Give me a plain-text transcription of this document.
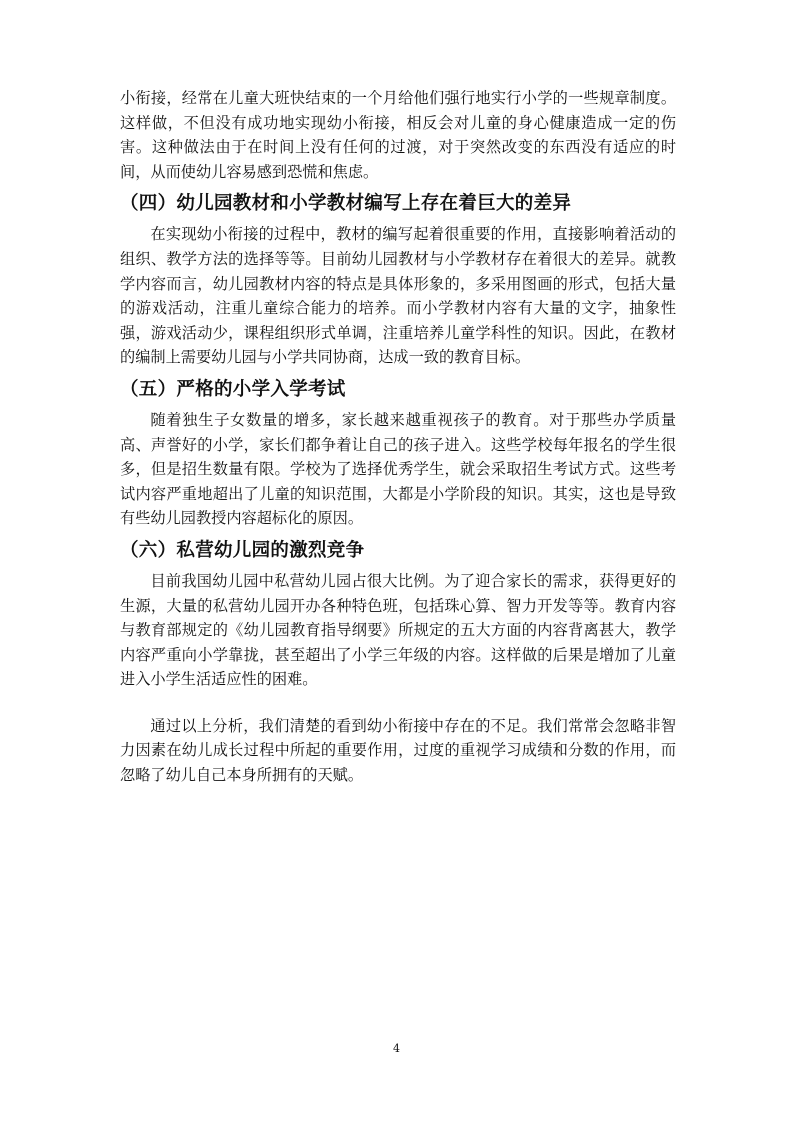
小衔接，经常在儿童大班快结束的一个月给他们强行地实行小学的一些规章制度。这样做，不但没有成功地实现幼小衔接，相反会对儿童的身心健康造成一定的伤害。这种做法由于在时间上没有任何的过渡，对于突然改变的东西没有适应的时间，从而使幼儿容易感到恐慌和焦虑。

（四）幼儿园教材和小学教材编写上存在着巨大的差异

在实现幼小衔接的过程中，教材的编写起着很重要的作用，直接影响着活动的组织、教学方法的选择等等。目前幼儿园教材与小学教材存在着很大的差异。就教学内容而言，幼儿园教材内容的特点是具体形象的，多采用图画的形式，包括大量的游戏活动，注重儿童综合能力的培养。而小学教材内容有大量的文字，抽象性强，游戏活动少，课程组织形式单调，注重培养儿童学科性的知识。因此，在教材的编制上需要幼儿园与小学共同协商，达成一致的教育目标。

（五）严格的小学入学考试

随着独生子女数量的增多，家长越来越重视孩子的教育。对于那些办学质量高、声誉好的小学，家长们都争着让自己的孩子进入。这些学校每年报名的学生很多，但是招生数量有限。学校为了选择优秀学生，就会采取招生考试方式。这些考试内容严重地超出了儿童的知识范围，大都是小学阶段的知识。其实，这也是导致有些幼儿园教授内容超标化的原因。

（六）私营幼儿园的激烈竞争

目前我国幼儿园中私营幼儿园占很大比例。为了迎合家长的需求，获得更好的生源，大量的私营幼儿园开办各种特色班，包括珠心算、智力开发等等。教育内容与教育部规定的《幼儿园教育指导纲要》所规定的五大方面的内容背离甚大，教学内容严重向小学靠拢，甚至超出了小学三年级的内容。这样做的后果是增加了儿童进入小学生活适应性的困难。

通过以上分析，我们清楚的看到幼小衔接中存在的不足。我们常常会忽略非智力因素在幼儿成长过程中所起的重要作用，过度的重视学习成绩和分数的作用，而忽略了幼儿自己本身所拥有的天赋。

4
